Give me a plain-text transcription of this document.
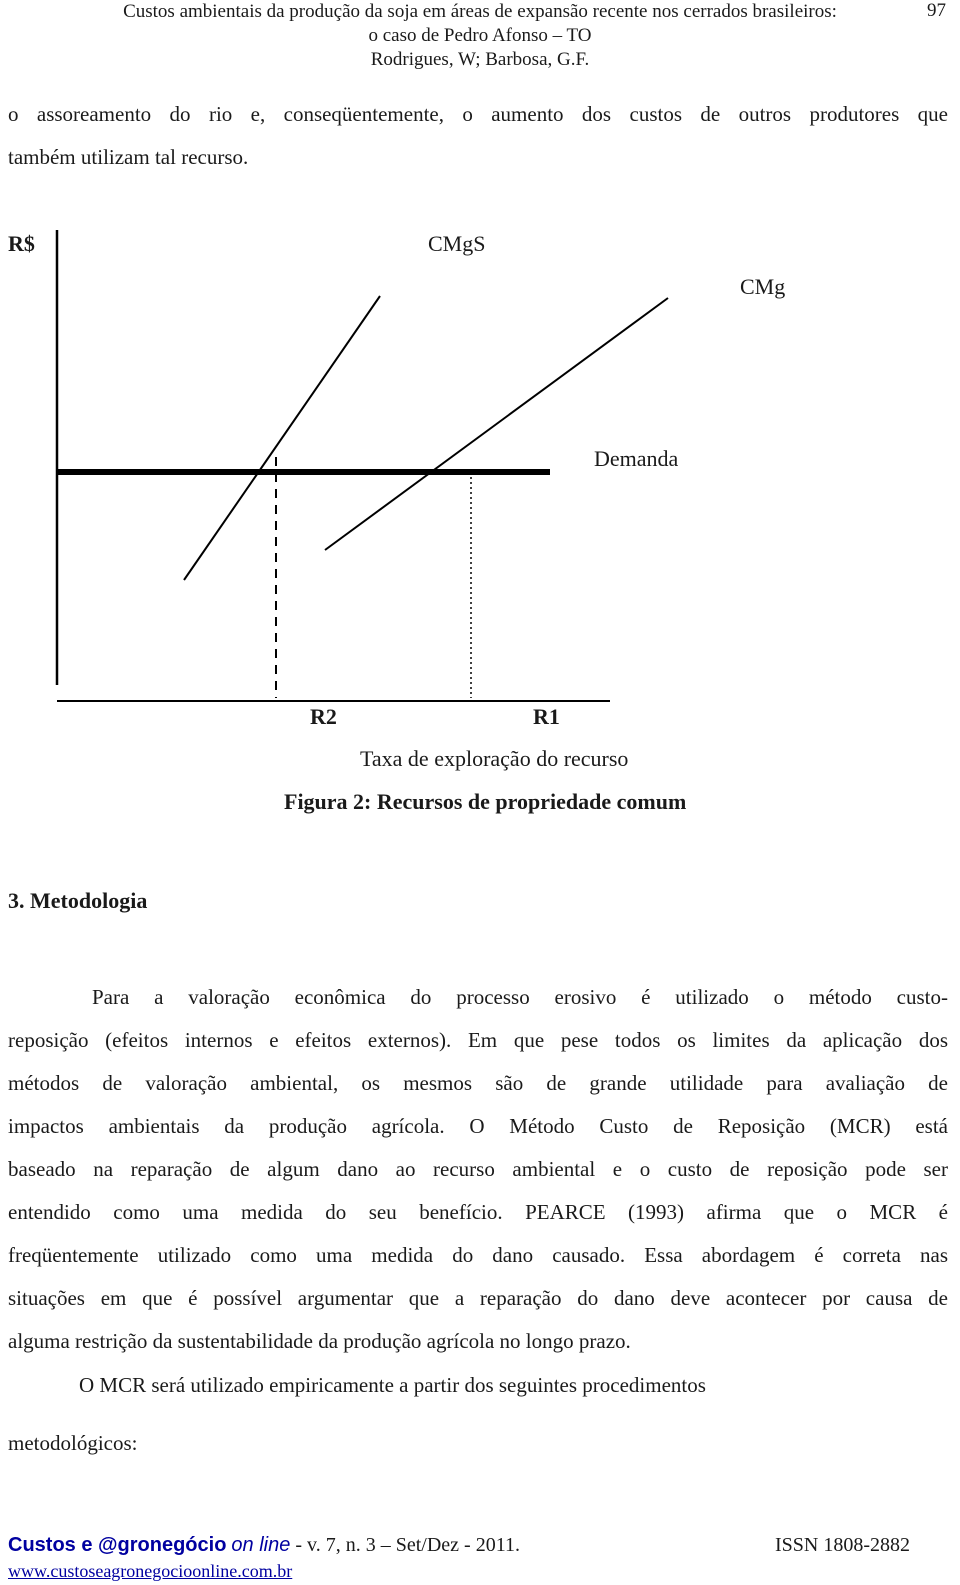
Custos ambientais da produção da soja em áreas de expansão recente nos cerrados brasileiros:
o caso de Pedro Afonso – TO
Rodrigues, W; Barbosa, G.F.
97
o assoreamento do rio e, conseqüentemente, o aumento dos custos de outros produtores que
também utilizam tal recurso.
R$	CMgS
CMg
Demanda
R2	R1
Taxa de exploração do recurso
Figura 2: Recursos de propriedade comum
3. Metodologia
Para a valoração econômica do processo erosivo é utilizado o método custo-
reposição (efeitos internos e efeitos externos). Em que pese todos os limites da aplicação dos
métodos de valoração ambiental, os mesmos são de grande utilidade para avaliação de
impactos ambientais da produção agrícola. O Método Custo de Reposição (MCR) está
baseado na reparação de algum dano ao recurso ambiental e o custo de reposição pode ser
entendido como uma medida do seu benefício. PEARCE (1993) afirma que o MCR é
freqüentemente utilizado como uma medida do dano causado. Essa abordagem é correta nas
situações em que é possível argumentar que a reparação do dano deve acontecer por causa de
alguma restrição da sustentabilidade da produção agrícola no longo prazo.
O MCR será utilizado empiricamente a partir dos seguintes procedimentos
metodológicos:
Custos e @gronegócio on line - v. 7, n. 3 – Set/Dez - 2011.	ISSN 1808-2882
www.custoseagronegocioonline.com.br
